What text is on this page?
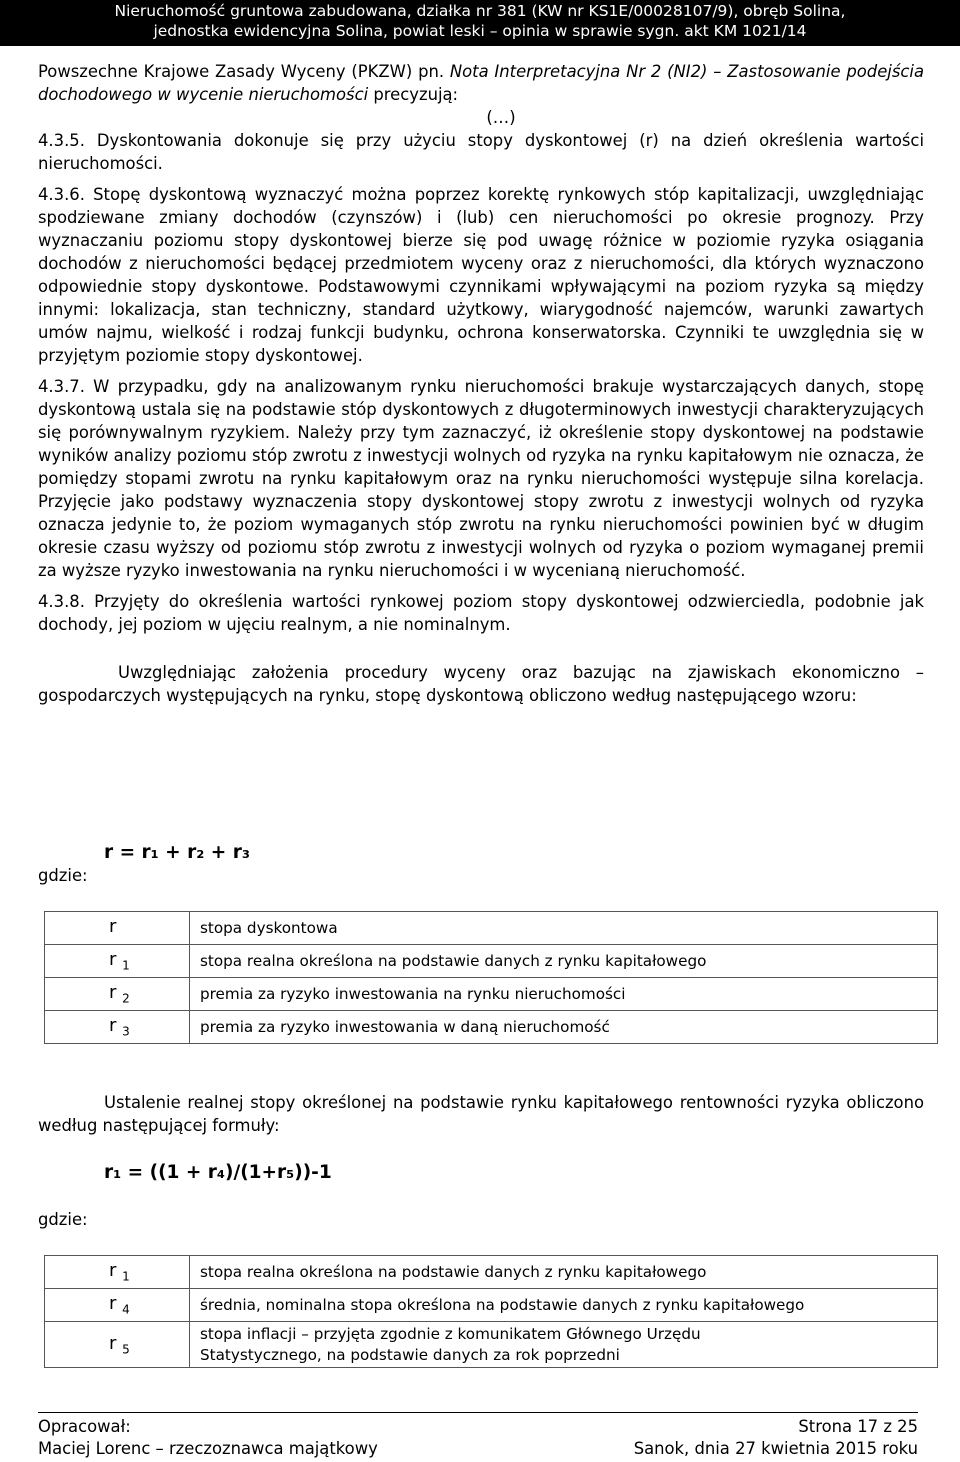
Nieruchomość gruntowa zabudowana, działka nr 381 (KW nr KS1E/00028107/9), obręb Solina,
jednostka ewidencyjna Solina, powiat leski – opinia w sprawie sygn. akt KM 1021/14

Powszechne Krajowe Zasady Wyceny (PKZW) pn. Nota Interpretacyjna Nr 2 (NI2) – Zastosowanie podejścia dochodowego w wycenie nieruchomości precyzują:

(…)

4.3.5. Dyskontowania dokonuje się przy użyciu stopy dyskontowej (r) na dzień określenia wartości nieruchomości.

4.3.6. Stopę dyskontową wyznaczyć można poprzez korektę rynkowych stóp kapitalizacji, uwzględniając spodziewane zmiany dochodów (czynszów) i (lub) cen nieruchomości po okresie prognozy. Przy wyznaczaniu poziomu stopy dyskontowej bierze się pod uwagę różnice w poziomie ryzyka osiągania dochodów z nieruchomości będącej przedmiotem wyceny oraz z nieruchomości, dla których wyznaczono odpowiednie stopy dyskontowe. Podstawowymi czynnikami wpływającymi na poziom ryzyka są między innymi: lokalizacja, stan techniczny, standard użytkowy, wiarygodność najemców, warunki zawartych umów najmu, wielkość i rodzaj funkcji budynku, ochrona konserwatorska. Czynniki te uwzględnia się w przyjętym poziomie stopy dyskontowej.

4.3.7. W przypadku, gdy na analizowanym rynku nieruchomości brakuje wystarczających danych, stopę dyskontową ustala się na podstawie stóp dyskontowych z długoterminowych inwestycji charakteryzujących się porównywalnym ryzykiem. Należy przy tym zaznaczyć, iż określenie stopy dyskontowej na podstawie wyników analizy poziomu stóp zwrotu z inwestycji wolnych od ryzyka na rynku kapitałowym nie oznacza, że pomiędzy stopami zwrotu na rynku kapitałowym oraz na rynku nieruchomości występuje silna korelacja. Przyjęcie jako podstawy wyznaczenia stopy dyskontowej stopy zwrotu z inwestycji wolnych od ryzyka oznacza jedynie to, że poziom wymaganych stóp zwrotu na rynku nieruchomości powinien być w długim okresie czasu wyższy od poziomu stóp zwrotu z inwestycji wolnych od ryzyka o poziom wymaganej premii za wyższe ryzyko inwestowania na rynku nieruchomości i w wycenianą nieruchomość.

4.3.8. Przyjęty do określenia wartości rynkowej poziom stopy dyskontowej odzwierciedla, podobnie jak dochody, jej poziom w ujęciu realnym, a nie nominalnym.

Uwzględniając założenia procedury wyceny oraz bazując na zjawiskach ekonomiczno – gospodarczych występujących na rynku, stopę dyskontową obliczono według następującego wzoru:

r = r₁ + r₂ + r₃
gdzie:
r	stopa dyskontowa
r $_1$	stopa realna określona na podstawie danych z rynku kapitałowego
r $_2$	premia za ryzyko inwestowania na rynku nieruchomości
r $_3$	premia za ryzyko inwestowania w daną nieruchomość

Ustalenie realnej stopy określonej na podstawie rynku kapitałowego rentowności ryzyka obliczono według następującej formuły:

r₁ = ((1 + r₄)/(1+r₅))-1
gdzie:
r $_1$	stopa realna określona na podstawie danych z rynku kapitałowego
r $_4$	średnia, nominalna stopa określona na podstawie danych z rynku kapitałowego
r $_5$	stopa inflacji – przyjęta zgodnie z komunikatem Głównego Urzędu
Statystycznego, na podstawie danych za rok poprzedni
Opracował:
Maciej Lorenc – rzeczoznawca majątkowy
Strona 17 z 25
Sanok, dnia 27 kwietnia 2015 roku
